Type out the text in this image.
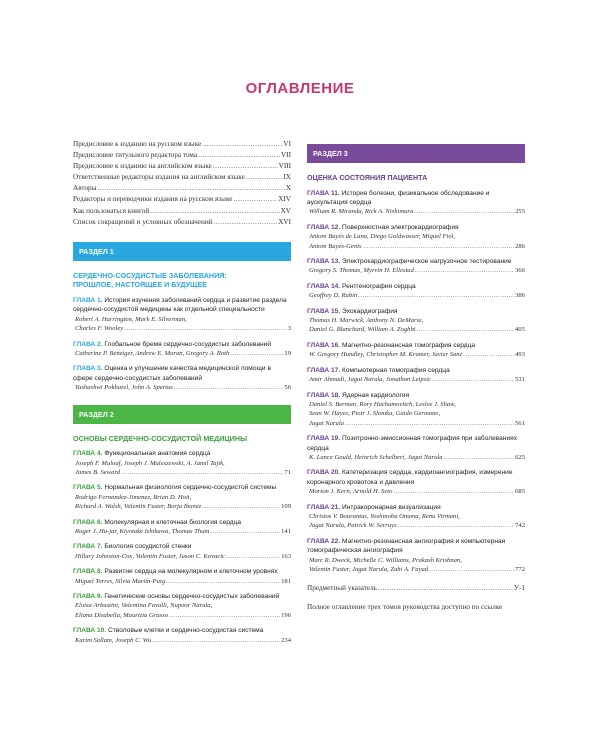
ОГЛАВЛЕНИЕ
Предисловие к изданию на русском языке .....	VI
Предисловие титульного редактора тома .....	VII
Предисловие к изданию на английском языке .....	VIII
Ответственные редакторы издания на английском языке .....	IX
Авторы .....	X
Редакторы и переводчики издания на русском языке .....	XIV
Как пользоваться книгой .....	XV
Список сокращений и условных обозначений .....	XVI
РАЗДЕЛ 1
СЕРДЕЧНО-СОСУДИСТЫЕ ЗАБОЛЕВАНИЯ:
ПРОШЛОЕ, НАСТОЯЩЕЕ И БУДУЩЕЕ
ГЛАВА 1. История изучения заболеваний сердца и развитие раздела сердечно-сосудистой медицины как отдельной специальности
Robert A. Harrington, Mark E. Silverman,
Charles F. Wooley .....	3
ГЛАВА 2. Глобальное бремя сердечно-сосудистых заболеваний
Catherine P. Benziger, Andrew E. Moran, Gregory A. Roth .....	19
ГЛАВА 3. Оценка и улучшение качества медицинской помощи в сфере сердечно-сосудистых заболеваний
Yashashwi Pokharel, John A. Spertus .....	56
РАЗДЕЛ 2
ОСНОВЫ СЕРДЕЧНО-СОСУДИСТОЙ МЕДИЦИНЫ
ГЛАВА 4. Функциональная анатомия сердца
Joseph F. Malouf, Joseph J. Maleszewski, A. Jamil Tajik,
James B. Seward .....	71
ГЛАВА 5. Нормальная физиология сердечно-сосудистой системы
Rodrigo Fernandez-Jimenez, Brian D. Hoit,
Richard A. Walsh, Valentin Fuster, Borja Ibanez .....	109
ГЛАВА 6. Молекулярная и клеточная биология сердца
Roger J. Hu-jar, Kiyotake Ishikawa, Thomas Thum .....	141
ГЛАВА 7. Биология сосудистой стенки
Hillary Johnston-Cox, Valentin Fuster, Jason C. Kovacic .....	163
ГЛАВА 8. Развитие сердца на молекулярном и клеточном уровнях
Miguel Torres, Silvia Martín-Puig .....	181
ГЛАВА 9. Генетические основы сердечно-сосудистых заболеваний
Eloisa Arbustini, Valentina Favalli, Nupoor Narula,
Eliana Disabella, Maurizia Grasso .....	196
ГЛАВА 10. Стволовые клетки и сердечно-сосудистая система
Karim Sallam, Joseph C. Wu .....	234
РАЗДЕЛ 3
ОЦЕНКА СОСТОЯНИЯ ПАЦИЕНТА
ГЛАВА 11. История болезни, физикальное обследование и аускультация сердца
William R. Miranda, Rick A. Nishimura .....	255
ГЛАВА 12. Поверхностная электрокардиография
Antoni Bayés de Luna, Diego Goldwasser, Miquel Fiol,
Antoni Bayés-Genis .....	286
ГЛАВА 13. Электрокардиографическое нагрузочное тестирование
Gregory S. Thomas, Myrvin H. Ellestad .....	366
ГЛАВА 14. Рентгенография сердца
Geoffrey D. Rubin .....	386
ГЛАВА 15. Эхокардиография
Thomas H. Marwick, Anthony N. DeMaria,
Daniel G. Blanchard, William A. Zoghbi .....	405
ГЛАВА 16. Магнитно-резонансная томография сердца
W. Gregory Hundley, Christopher M. Kramer, Javier Sanz .....	493
ГЛАВА 17. Компьютерная томография сердца
Amir Ahmadi, Jagat Narula, Jonathon Leipsic .....	531
ГЛАВА 18. Ядерная кардиология
Daniel S. Berman, Rory Hachamovitch, Leslee J. Shaw,
Sean W. Hayes, Piotr J. Slomka, Guido Germano,
Jagat Narula .....	561
ГЛАВА 19. Позитронно-эмиссионная томография при заболеваниях сердца
K. Lance Gould, Heinrich Schelbert, Jagat Narula .....	625
ГЛАВА 20. Катетеризация сердца, кардиоангиография, измерение коронарного кровотока и давления
Morton J. Kern, Arnold H. Seto .....	685
ГЛАВА 21. Интракоронарная визуализация
Christos V. Bourantas, Yoshinobu Onuma, Renu Virmani,
Jagat Narula, Patrick W. Serruys .....	742
ГЛАВА 22. Магнитно-резонансная ангиография и компьютерная томографическая ангиография
Marc R. Dweck, Michelle C. Williams, Prakash Krishnan,
Valentin Fuster, Jagat Narula, Zahi A. Fayad .....	772
Предметный указатель .....	У-1
Полное оглавление трех томов руководства доступно по ссылке
